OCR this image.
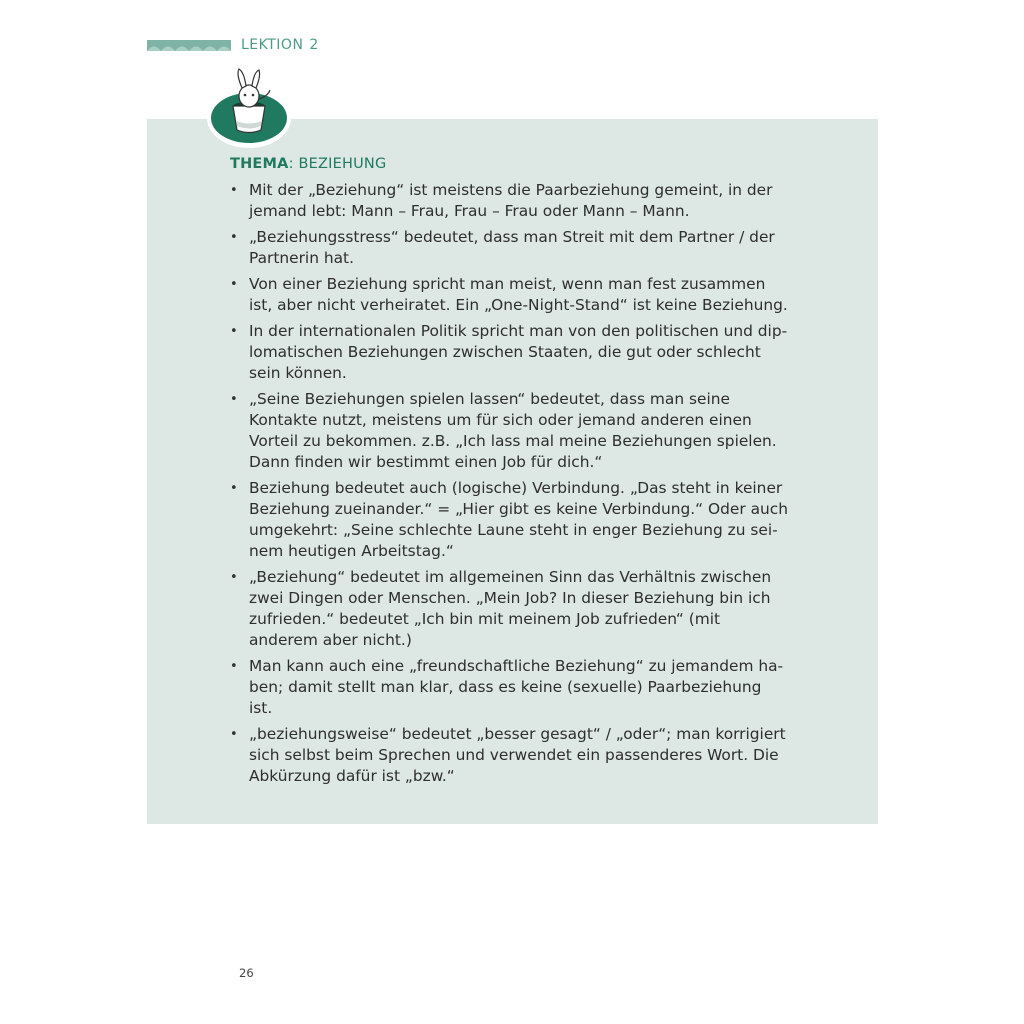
LEKTION 2
THEMA: BEZIEHUNG
• Mit der „Beziehung“ ist meistens die Paarbeziehung gemeint, in der jemand lebt: Mann – Frau, Frau – Frau oder Mann – Mann.
• „Beziehungsstress“ bedeutet, dass man Streit mit dem Partner / der Partnerin hat.
• Von einer Beziehung spricht man meist, wenn man fest zusammen ist, aber nicht verheiratet. Ein „One-Night-Stand“ ist keine Beziehung.
• In der internationalen Politik spricht man von den politischen und dip-lomatischen Beziehungen zwischen Staaten, die gut oder schlecht sein können.
• „Seine Beziehungen spielen lassen“ bedeutet, dass man seine Kontakte nutzt, meistens um für sich oder jemand anderen einen Vorteil zu bekommen. z.B. „Ich lass mal meine Beziehungen spielen. Dann finden wir bestimmt einen Job für dich.“
• Beziehung bedeutet auch (logische) Verbindung. „Das steht in keiner Beziehung zueinander.“ = „Hier gibt es keine Verbindung.“ Oder auch umgekehrt: „Seine schlechte Laune steht in enger Beziehung zu sei-nem heutigen Arbeitstag.“
• „Beziehung“ bedeutet im allgemeinen Sinn das Verhältnis zwischen zwei Dingen oder Menschen. „Mein Job? In dieser Beziehung bin ich zufrieden.“ bedeutet „Ich bin mit meinem Job zufrieden“ (mit anderem aber nicht.)
• Man kann auch eine „freundschaftliche Beziehung“ zu jemandem ha-ben; damit stellt man klar, dass es keine (sexuelle) Paarbeziehung ist.
• „beziehungsweise“ bedeutet „besser gesagt“ / „oder“; man korrigiert sich selbst beim Sprechen und verwendet ein passenderes Wort. Die Abkürzung dafür ist „bzw.“
26
